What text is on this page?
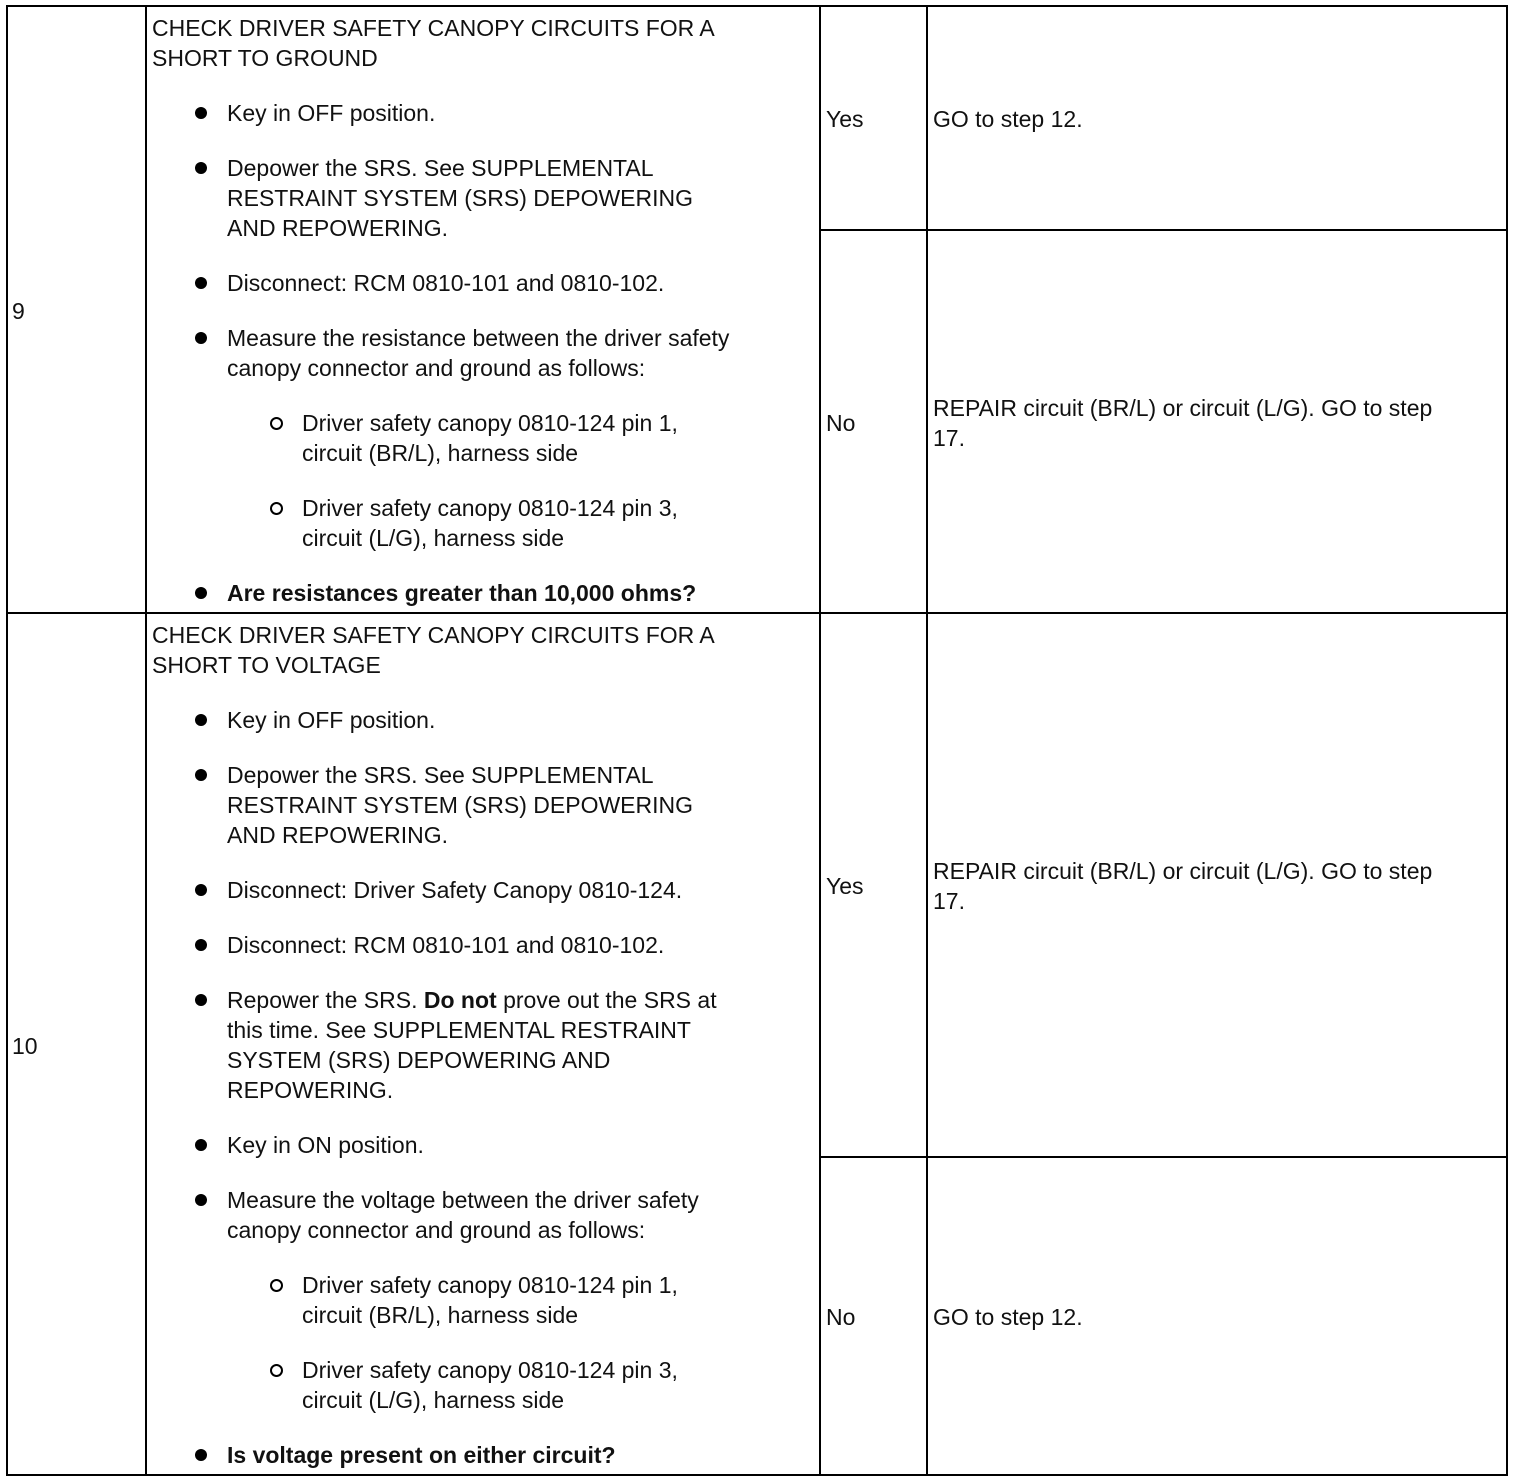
9
CHECK DRIVER SAFETY CANOPY CIRCUITS FOR A
SHORT TO GROUND
Key in OFF position.
Depower the SRS. See SUPPLEMENTAL
RESTRAINT SYSTEM (SRS) DEPOWERING
AND REPOWERING.
Disconnect: RCM 0810-101 and 0810-102.
Measure the resistance between the driver safety
canopy connector and ground as follows:
Driver safety canopy 0810-124 pin 1,
circuit (BR/L), harness side
Driver safety canopy 0810-124 pin 3,
circuit (L/G), harness side
Are resistances greater than 10,000 ohms?
Yes	GO to step 12.
No
REPAIR circuit (BR/L) or circuit (L/G). GO to step
17.
10
CHECK DRIVER SAFETY CANOPY CIRCUITS FOR A
SHORT TO VOLTAGE
Key in OFF position.
Depower the SRS. See SUPPLEMENTAL
RESTRAINT SYSTEM (SRS) DEPOWERING
AND REPOWERING.
Disconnect: Driver Safety Canopy 0810-124.
Disconnect: RCM 0810-101 and 0810-102.
Repower the SRS. Do not prove out the SRS at
this time. See SUPPLEMENTAL RESTRAINT
SYSTEM (SRS) DEPOWERING AND
REPOWERING.
Key in ON position.
Measure the voltage between the driver safety
canopy connector and ground as follows:
Driver safety canopy 0810-124 pin 1,
circuit (BR/L), harness side
Driver safety canopy 0810-124 pin 3,
circuit (L/G), harness side
Is voltage present on either circuit?
Yes
REPAIR circuit (BR/L) or circuit (L/G). GO to step
17.
No	GO to step 12.
